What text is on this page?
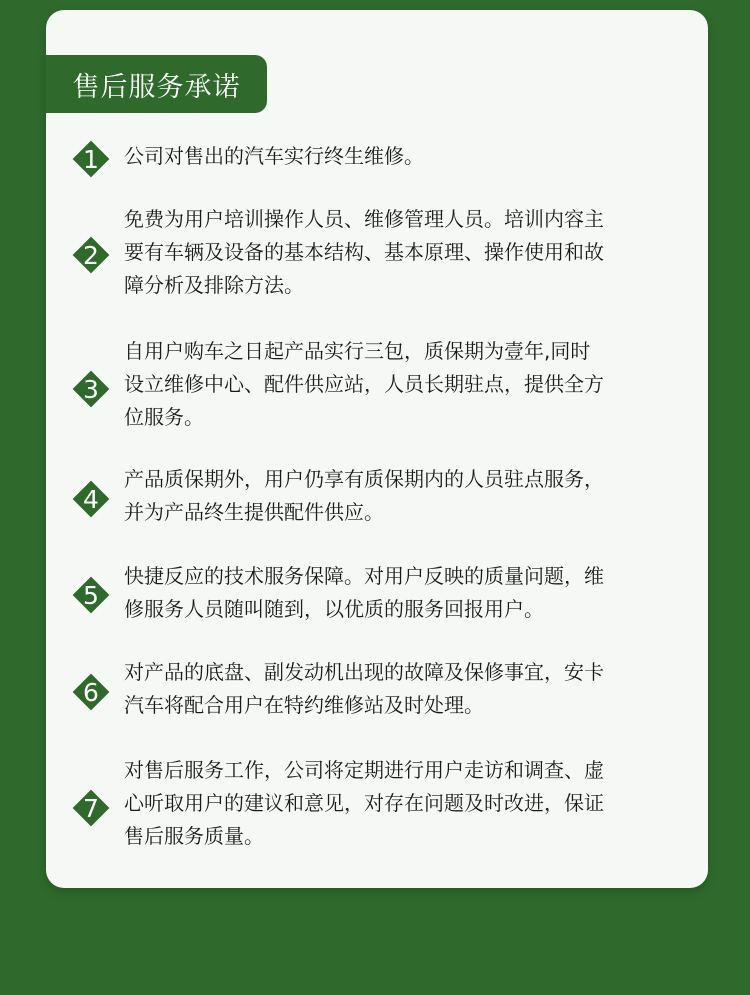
售后服务承诺
1	公司对售出的汽车实行终生维修。
2
免费为用户培训操作人员、维修管理人员。培训内容主
要有车辆及设备的基本结构、基本原理、操作使用和故
障分析及排除方法。
3
自用户购车之日起产品实行三包，质保期为壹年,同时
设立维修中心、配件供应站，人员长期驻点，提供全方
位服务。
4
产品质保期外，用户仍享有质保期内的人员驻点服务，
并为产品终生提供配件供应。
5
快捷反应的技术服务保障。对用户反映的质量问题，维
修服务人员随叫随到，以优质的服务回报用户。
6
对产品的底盘、副发动机出现的故障及保修事宜，安卡
汽车将配合用户在特约维修站及时处理。
7
对售后服务工作，公司将定期进行用户走访和调查、虚
心听取用户的建议和意见，对存在问题及时改进，保证
售后服务质量。
